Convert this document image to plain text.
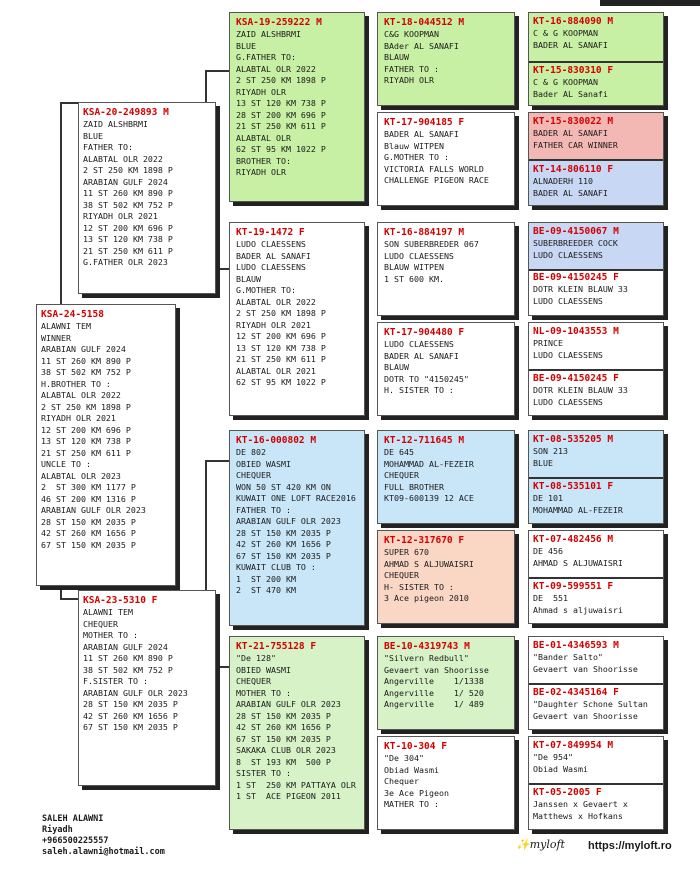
KSA-24-5158
ALAWNI TEM
WINNER
ARABIAN GULF 2024
11 ST 260 KM 890 P
38 ST 502 KM 752 P
H.BROTHER TO :
ALABTAL OLR 2022
2 ST 250 KM 1898 P
RIYADH OLR 2021
12 ST 200 KM 696 P
13 ST 120 KM 738 P
21 ST 250 KM 611 P
UNCLE TO :
ALABTAL OLR 2023
2  ST 300 KM 1177 P
46 ST 200 KM 1316 P
ARABIAN GULF OLR 2023
28 ST 150 KM 2035 P
42 ST 260 KM 1656 P
67 ST 150 KM 2035 P
KSA-20-249893 M
ZAID ALSHBRMI
BLUE
FATHER TO:
ALABTAL OLR 2022
2 ST 250 KM 1898 P
ARABIAN GULF 2024
11 ST 260 KM 890 P
38 ST 502 KM 752 P
RIYADH OLR 2021
12 ST 200 KM 696 P
13 ST 120 KM 738 P
21 ST 250 KM 611 P
G.FATHER OLR 2023
KSA-23-5310 F
ALAWNI TEM
CHEQUER
MOTHER TO :
ARABIAN GULF 2024
11 ST 260 KM 890 P
38 ST 502 KM 752 P
F.SISTER TO :
ARABIAN GULF OLR 2023
28 ST 150 KM 2035 P
42 ST 260 KM 1656 P
67 ST 150 KM 2035 P
KSA-19-259222 M
ZAID ALSHBRMI
BLUE
G.FATHER TO:
ALABTAL OLR 2022
2 ST 250 KM 1898 P
RIYADH OLR
13 ST 120 KM 738 P
28 ST 200 KM 696 P
21 ST 250 KM 611 P
ALABTAL OLR
62 ST 95 KM 1022 P
BROTHER TO:
RIYADH OLR
KT-19-1472 F
LUDO CLAESSENS
BADER AL SANAFI
LUDO CLAESSENS
BLAUW
G.MOTHER TO:
ALABTAL OLR 2022
2 ST 250 KM 1898 P
RIYADH OLR 2021
12 ST 200 KM 696 P
13 ST 120 KM 738 P
21 ST 250 KM 611 P
ALABTAL OLR 2021
62 ST 95 KM 1022 P
KT-16-000802 M
DE 802
OBIED WASMI
CHEQUER
WON 50 ST 420 KM ON
KUWAIT ONE LOFT RACE2016
FATHER TO :
ARABIAN GULF OLR 2023
28 ST 150 KM 2035 P
42 ST 260 KM 1656 P
67 ST 150 KM 2035 P
KUWAIT CLUB TO :
1  ST 200 KM
2  ST 470 KM
KT-21-755128 F
"De 128"
OBIED WASMI
CHEQUER
MOTHER TO :
ARABIAN GULF OLR 2023
28 ST 150 KM 2035 P
42 ST 260 KM 1656 P
67 ST 150 KM 2035 P
SAKAKA CLUB OLR 2023
8  ST 193 KM  500 P
SISTER TO :
1 ST  250 KM PATTAYA OLR
1 ST  ACE PIGEON 2011
KT-18-044512 M
C&G KOOPMAN
BAder AL SANAFI
BLAUW
FATHER TO :
RIYADH OLR
KT-17-904185 F
BADER AL SANAFI
Blauw WITPEN
G.MOTHER TO :
VICTORIA FALLS WORLD
CHALLENGE PIGEON RACE
KT-16-884197 M
SON SUBERBREDER 067
LUDO CLAESSENS
BLAUW WITPEN
1 ST 600 KM.
KT-17-904480 F
LUDO CLAESSENS
BADER AL SANAFI
BLAUW
DOTR TO "4150245"
H. SISTER TO :
KT-12-711645 M
DE 645
MOHAMMAD AL-FEZEIR
CHEQUER
FULL BROTHER
KT09-600139 12 ACE
KT-12-317670 F
SUPER 670
AHMAD S ALJUWAISRI
CHEQUER
H- SISTER TO :
3 Ace pigeon 2010
BE-10-4319743 M
"Silvern Redbull"
Gevaert van Shoorisse
Angerville    1/1338
Angerville    1/ 520
Angerville    1/ 489
KT-10-304 F
"De 304"
Obiad Wasmi
Chequer
3e Ace Pigeon
MATHER TO :
KT-16-884090 M
C & G KOOPMAN
BADER AL SANAFI
KT-15-830310 F
C & G KOOPMAN
Bader AL Sanafi
KT-15-830022 M
BADER AL SANAFI
FATHER CAR WINNER
KT-14-806110 F
ALNADERH 110
BADER AL SANAFI
BE-09-4150067 M
SUBERBREEDER COCK
LUDO CLAESSENS
BE-09-4150245 F
DOTR KLEIN BLAUW 33
LUDO CLAESSENS
NL-09-1043553 M
PRINCE
LUDO CLAESSENS
BE-09-4150245 F
DOTR KLEIN BLAUW 33
LUDO CLAESSENS
KT-08-535205 M
SON 213
BLUE
KT-08-535101 F
DE 101
MOHAMMAD AL-FEZEIR
KT-07-482456 M
DE 456
AHMAD S ALJUWAISRI
KT-09-599551 F
DE  551
Ahmad s aljuwaisri
BE-01-4346593 M
"Bander Salto"
Gevaert van Shoorisse
BE-02-4345164 F
"Daughter Schone Sultan
Gevaert van Shoorisse
KT-07-849954 M
"De 954"
Obiad Wasmi
KT-05-2005 F
Janssen x Gevaert x
Matthews x Hofkans
SALEH ALAWNI
Riyadh
+966500225557
saleh.alawni@hotmail.com
✨myloft https://myloft.ro
